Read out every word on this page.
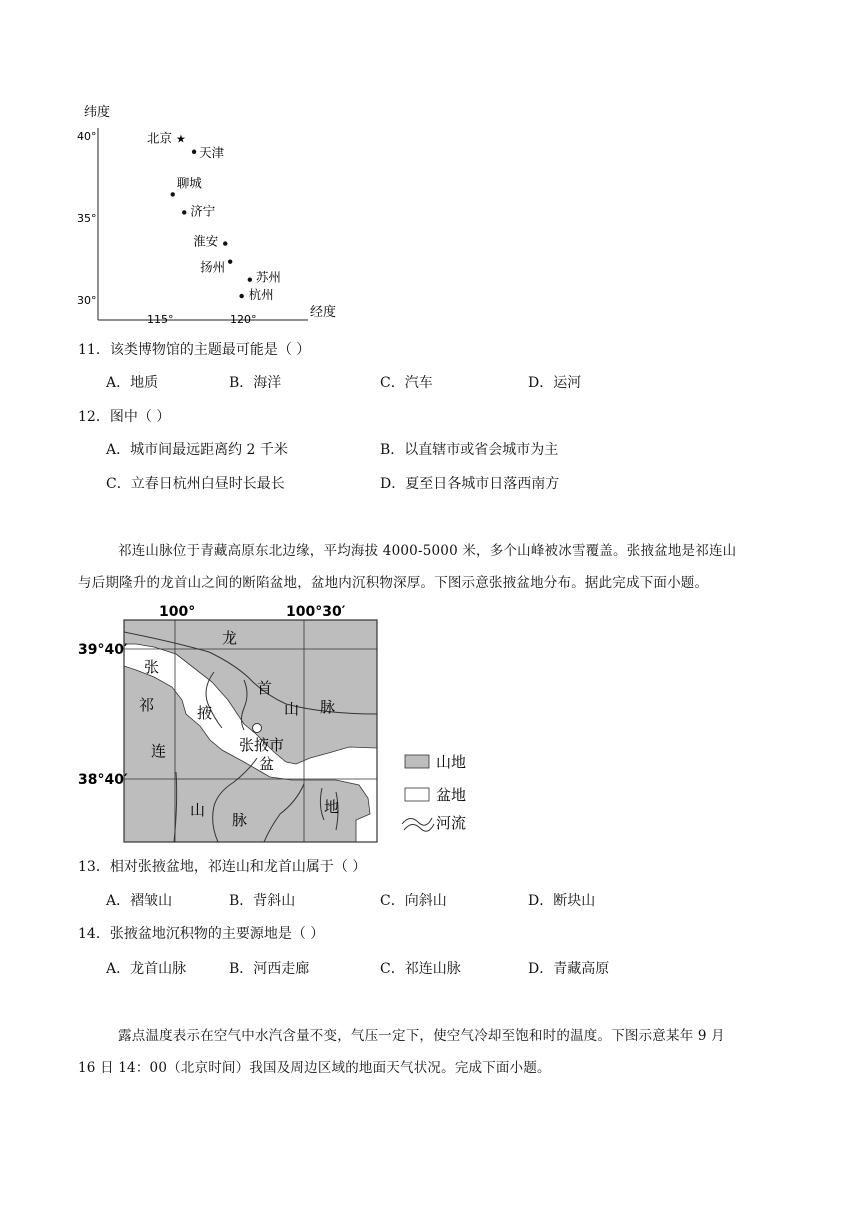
纬度
经度
40°
35°
30°
115°	120°
★
北京
天津
聊城
济宁
淮安
扬州
苏州
杭州
11．该类博物馆的主题最可能是（ ）
A．地质	B．海洋	C．汽车	D．运河
12．图中（ ）
A．城市间最远距离约 2 千米	B．以直辖市或省会城市为主
C．立春日杭州白昼时长最长	D．夏至日各城市日落西南方
祁连山脉位于青藏高原东北边缘，平均海拔 4000-5000 米，多个山峰被冰雪覆盖。张掖盆地是祁连山
与后期隆升的龙首山之间的断陷盆地，盆地内沉积物深厚。下图示意张掖盆地分布。据此完成下面小题。
100°	100°30′
39°40′
38°40′
龙
首
山 脉
张
祁	掖
连
山
脉
地
张掖市
盆	山地
盆地
河流
13．相对张掖盆地，祁连山和龙首山属于（ ）
A．褶皱山	B．背斜山	C．向斜山	D．断块山
14．张掖盆地沉积物的主要源地是（ ）
A．龙首山脉	B．河西走廊	C．祁连山脉	D．青藏高原
露点温度表示在空气中水汽含量不变，气压一定下，使空气冷却至饱和时的温度。下图示意某年 9 月
16 日 14：00（北京时间）我国及周边区域的地面天气状况。完成下面小题。
